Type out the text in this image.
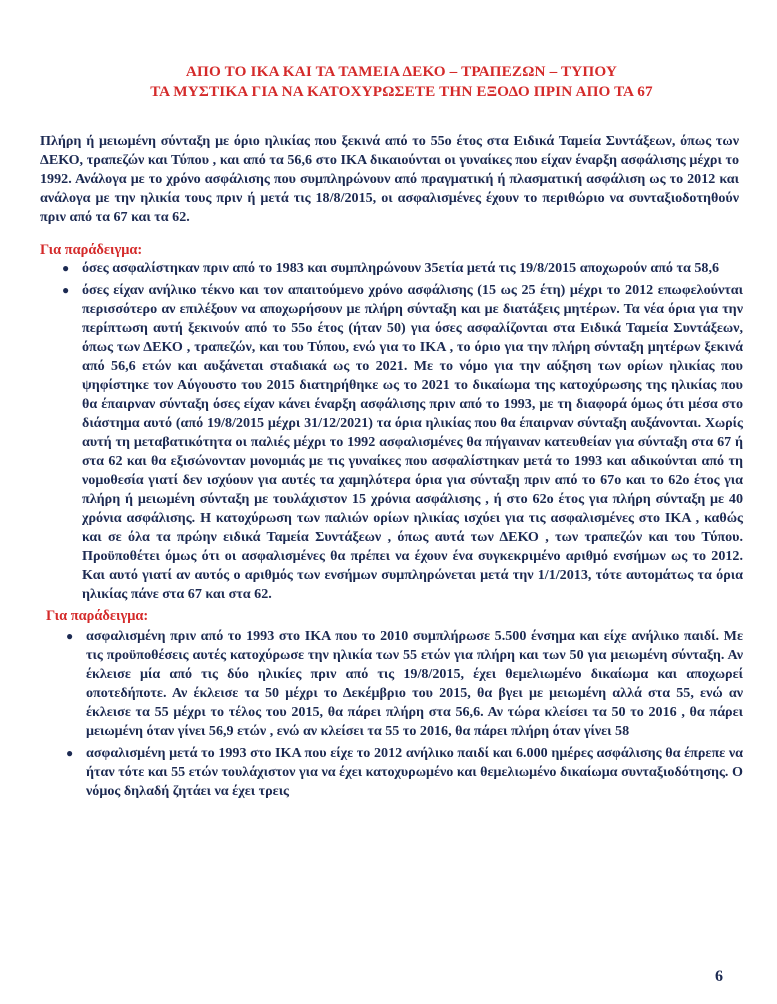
ΑΠΟ ΤΟ ΙΚΑ ΚΑΙ ΤΑ ΤΑΜΕΙΑ ΔΕΚΟ – ΤΡΑΠΕΖΩΝ – ΤΥΠΟΥ

ΤΑ ΜΥΣΤΙΚΑ ΓΙΑ ΝΑ ΚΑΤΟΧΥΡΩΣΕΤΕ ΤΗΝ ΕΞΟΔΟ ΠΡΙΝ ΑΠΟ ΤΑ 67

Πλήρη ή μειωμένη σύνταξη με όριο ηλικίας που ξεκινά από το 55ο έτος στα Ειδικά Ταμεία Συντάξεων, όπως των ΔΕΚΟ, τραπεζών και Τύπου , και από τα 56,6 στο ΙΚΑ δικαιούνται οι γυναίκες που είχαν έναρξη ασφάλισης μέχρι το 1992. Ανάλογα με το χρόνο ασφάλισης που συμπληρώνουν από πραγματική ή πλασματική ασφάλιση ως το 2012 και ανάλογα με την ηλικία τους πριν ή μετά τις 18/8/2015, οι ασφαλισμένες έχουν το περιθώριο να συνταξιοδοτηθούν πριν από τα 67 και τα 62.

Για παράδειγμα:

● όσες ασφαλίστηκαν πριν από το 1983 και συμπληρώνουν 35ετία μετά τις 19/8/2015 αποχωρούν από τα 58,6
● όσες είχαν ανήλικο τέκνο και τον απαιτούμενο χρόνο ασφάλισης (15 ως 25 έτη) μέχρι το 2012 επωφελούνται περισσότερο αν επιλέξουν να αποχωρήσουν με πλήρη σύνταξη και με διατάξεις μητέρων. Τα νέα όρια για την περίπτωση αυτή ξεκινούν από το 55ο έτος (ήταν 50) για όσες ασφαλίζονται στα Ειδικά Ταμεία Συντάξεων, όπως των ΔΕΚΟ , τραπεζών, και του Τύπου, ενώ για το ΙΚΑ , το όριο για την πλήρη σύνταξη μητέρων ξεκινά από 56,6 ετών και αυξάνεται σταδιακά ως το 2021. Με το νόμο για την αύξηση των ορίων ηλικίας που ψηφίστηκε τον Αύγουστο του 2015 διατηρήθηκε ως το 2021 το δικαίωμα της κατοχύρωσης της ηλικίας που θα έπαιρναν σύνταξη όσες είχαν κάνει έναρξη ασφάλισης πριν από το 1993, με τη διαφορά όμως ότι μέσα στο διάστημα αυτό (από 19/8/2015 μέχρι 31/12/2021) τα όρια ηλικίας που θα έπαιρναν σύνταξη αυξάνονται. Χωρίς αυτή τη μεταβατικότητα οι παλιές μέχρι το 1992 ασφαλισμένες θα πήγαιναν κατευθείαν για σύνταξη στα 67 ή στα 62 και θα εξισώνονταν μονομιάς με τις γυναίκες που ασφαλίστηκαν μετά το 1993 και αδικούνται από τη νομοθεσία γιατί δεν ισχύουν για αυτές τα χαμηλότερα όρια για σύνταξη πριν από το 67ο και το 62ο έτος για πλήρη ή μειωμένη σύνταξη με τουλάχιστον 15 χρόνια ασφάλισης , ή στο 62ο έτος για πλήρη σύνταξη με 40 χρόνια ασφάλισης. Η κατοχύρωση των παλιών ορίων ηλικίας ισχύει για τις ασφαλισμένες στο ΙΚΑ , καθώς και σε όλα τα πρώην ειδικά Ταμεία Συντάξεων , όπως αυτά των ΔΕΚΟ , των τραπεζών και του Τύπου. Προϋποθέτει όμως ότι οι ασφαλισμένες θα πρέπει να έχουν ένα συγκεκριμένο αριθμό ενσήμων ως το 2012. Και αυτό γιατί αν αυτός ο αριθμός των ενσήμων συμπληρώνεται μετά την 1/1/2013, τότε αυτομάτως τα όρια ηλικίας πάνε στα 67 και στα 62.

Για παράδειγμα:

● ασφαλισμένη πριν από το 1993 στο ΙΚΑ που το 2010 συμπλήρωσε 5.500 ένσημα και είχε ανήλικο παιδί. Με τις προϋποθέσεις αυτές κατοχύρωσε την ηλικία των 55 ετών για πλήρη και των 50 για μειωμένη σύνταξη. Αν έκλεισε μία από τις δύο ηλικίες πριν από τις 19/8/2015, έχει θεμελιωμένο δικαίωμα και αποχωρεί οποτεδήποτε. Αν έκλεισε τα 50 μέχρι το Δεκέμβριο του 2015, θα βγει με μειωμένη αλλά στα 55, ενώ αν έκλεισε τα 55 μέχρι το τέλος του 2015, θα πάρει πλήρη στα 56,6. Αν τώρα κλείσει τα 50 το 2016 , θα πάρει μειωμένη όταν γίνει 56,9 ετών , ενώ αν κλείσει τα 55 το 2016, θα πάρει πλήρη όταν γίνει 58
● ασφαλισμένη μετά το 1993 στο ΙΚΑ που είχε το 2012 ανήλικο παιδί και 6.000 ημέρες ασφάλισης θα έπρεπε να ήταν τότε και 55 ετών τουλάχιστον για να έχει κατοχυρωμένο και θεμελιωμένο δικαίωμα συνταξιοδότησης. Ο νόμος δηλαδή ζητάει να έχει τρεις
6
